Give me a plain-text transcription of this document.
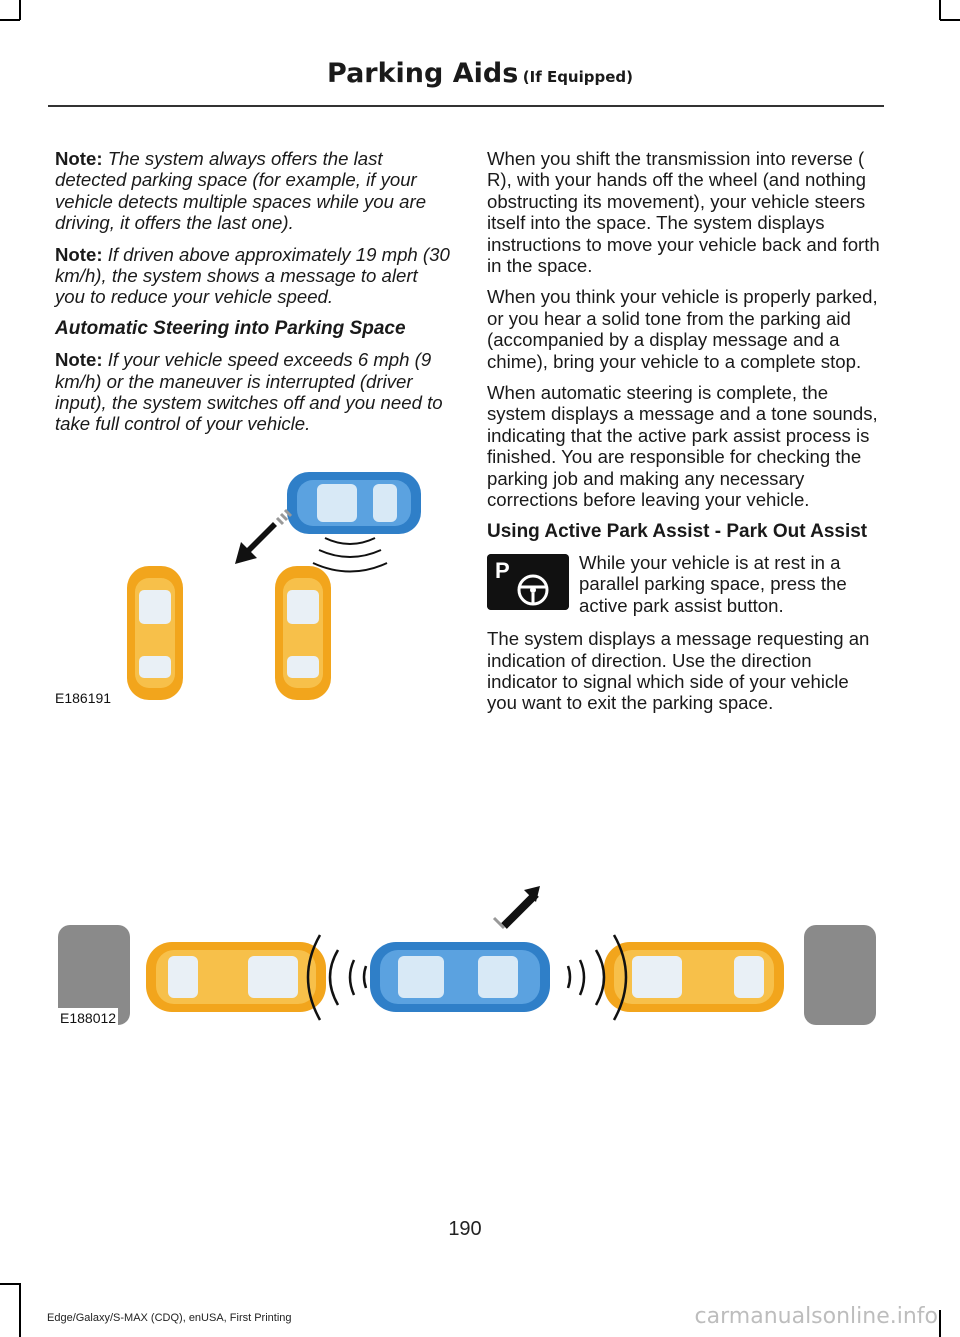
Parking Aids (If Equipped)

Note: The system always offers the last detected parking space (for example, if your vehicle detects multiple spaces while you are driving, it offers the last one).

Note: If driven above approximately 19 mph (30 km/h), the system shows a message to alert you to reduce your vehicle speed.

Automatic Steering into Parking Space

Note: If your vehicle speed exceeds 6 mph (9 km/h) or the maneuver is interrupted (driver input), the system switches off and you need to take full control of your vehicle.

E186191

When you shift the transmission into reverse ( R), with your hands off the wheel (and nothing obstructing its movement), your vehicle steers itself into the space. The system displays instructions to move your vehicle back and forth in the space.

When you think your vehicle is properly parked, or you hear a solid tone from the parking aid (accompanied by a display message and a chime), bring your vehicle to a complete stop.

When automatic steering is complete, the system displays a message and a tone sounds, indicating that the active park assist process is finished. You are responsible for checking the parking job and making any necessary corrections before leaving your vehicle.

Using Active Park Assist - Park Out Assist
P	While your vehicle is at rest in a parallel parking space, press the active park assist button.

The system displays a message requesting an indication of direction. Use the direction indicator to signal which side of your vehicle you want to exit the parking space.

E188012
190
Edge/Galaxy/S-MAX (CDQ), enUSA, First Printing	carmanualsonline.info
